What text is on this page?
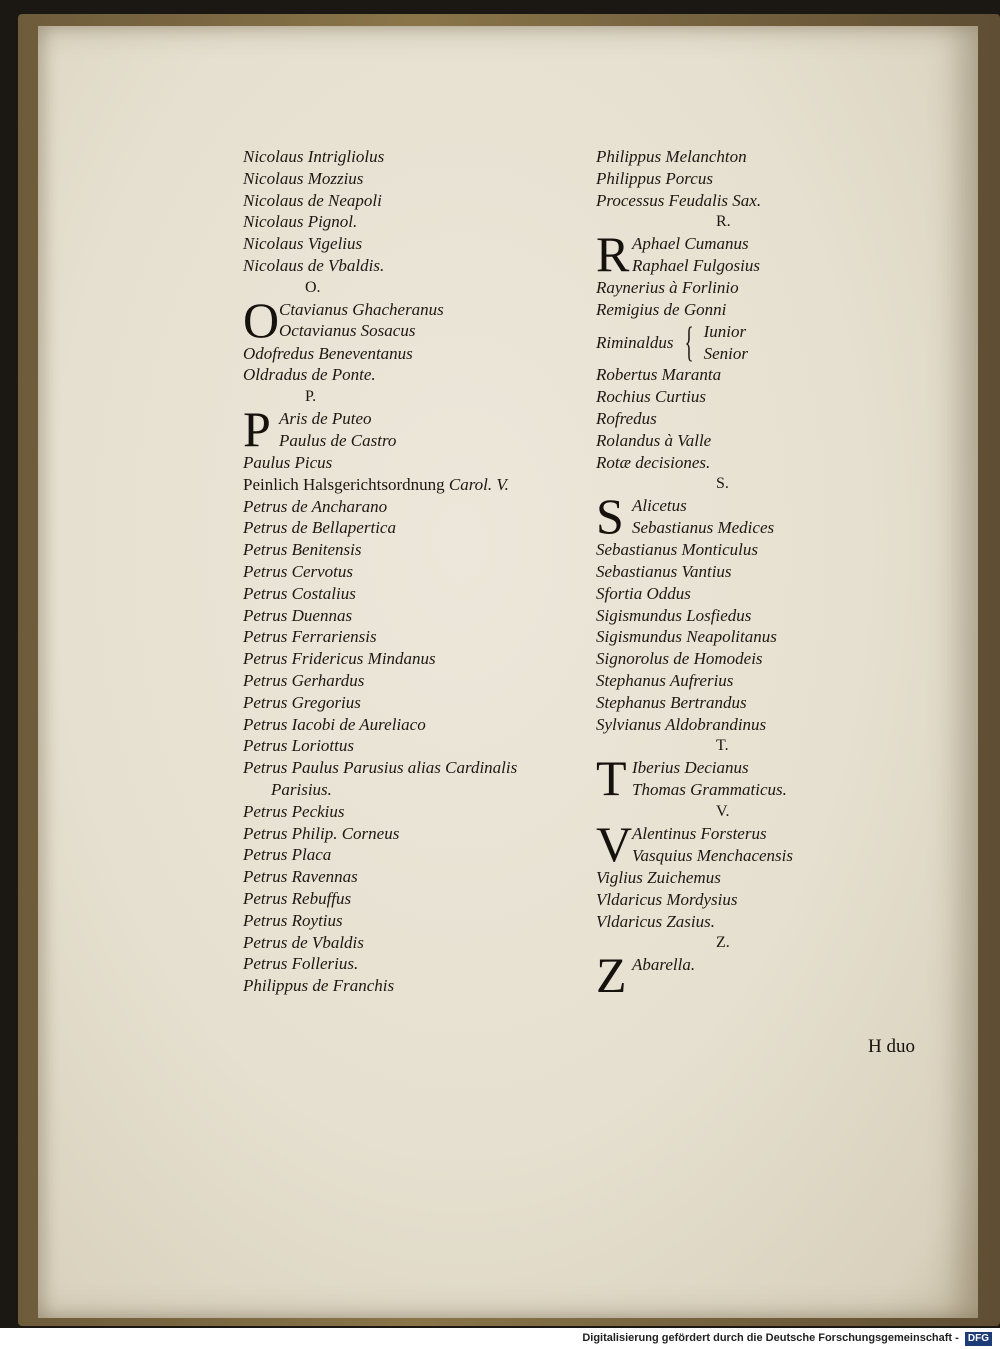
Nicolaus Intrigliolus
Nicolaus Mozzius
Nicolaus de Neapoli
Nicolaus Pignol.
Nicolaus Vigelius
Nicolaus de Vbaldis.
O.
O Ctavianus Ghacheranus
Octavianus Sosacus
Odofredus Beneventanus
Oldradus de Ponte.
P.
P Aris de Puteo
Paulus de Castro
Paulus Picus
Peinlich Halsgerichtsordnung Carol. V.
Petrus de Ancharano
Petrus de Bellapertica
Petrus Benitensis
Petrus Cervotus
Petrus Costalius
Petrus Duennas
Petrus Ferrariensis
Petrus Fridericus Mindanus
Petrus Gerhardus
Petrus Gregorius
Petrus Iacobi de Aureliaco
Petrus Loriottus
Petrus Paulus Parusius alias Cardinalis
Parisius.
Petrus Peckius
Petrus Philip. Corneus
Petrus Placa
Petrus Ravennas
Petrus Rebuffus
Petrus Roytius
Petrus de Vbaldis
Petrus Follerius.
Philippus de Franchis
Philippus Melanchton
Philippus Porcus
Processus Feudalis Sax.
R.
R Aphael Cumanus
Raphael Fulgosius
Raynerius à Forlinio
Remigius de Gonni
Riminaldus { Iunior
Senior
Robertus Maranta
Rochius Curtius
Rofredus
Rolandus à Valle
Rotæ decisiones.
S.
S Alicetus
Sebastianus Medices
Sebastianus Monticulus
Sebastianus Vantius
Sfortia Oddus
Sigismundus Losfiedus
Sigismundus Neapolitanus
Signorolus de Homodeis
Stephanus Aufrerius
Stephanus Bertrandus
Sylvianus Aldobrandinus
T.
T Iberius Decianus
Thomas Grammaticus.
V.
V Alentinus Forsterus
Vasquius Menchacensis
Viglius Zuichemus
Vldaricus Mordysius
Vldaricus Zasius.
Z.
Z Abarella.
H duo
Digitalisierung gefördert durch die Deutsche Forschungsgemeinschaft - DFG
